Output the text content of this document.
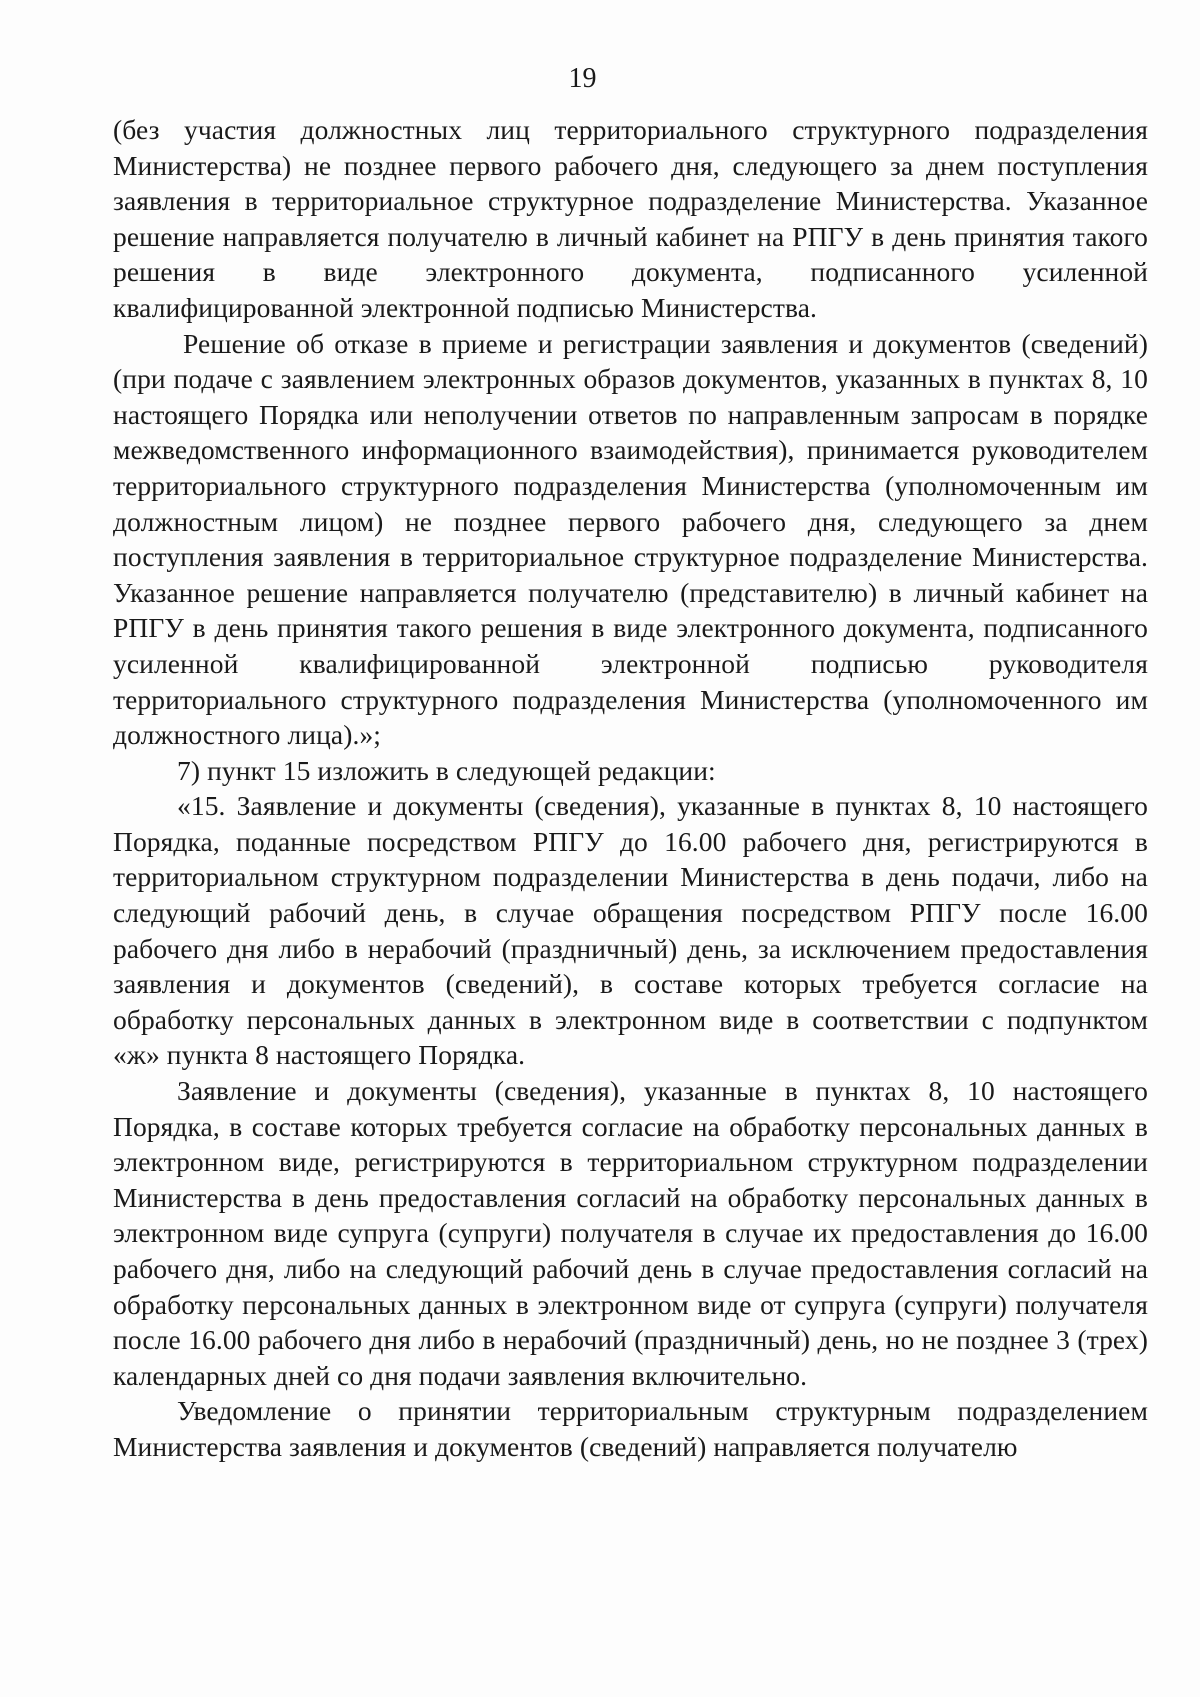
19

(без участия должностных лиц территориального структурного подразделения Министерства) не позднее первого рабочего дня, следующего за днем поступления заявления в территориальное структурное подразделение Министерства. Указанное решение направляется получателю в личный кабинет на РПГУ в день принятия такого решения в виде электронного документа, подписанного усиленной квалифицированной электронной подписью Министерства.

Решение об отказе в приеме и регистрации заявления и документов (сведений) (при подаче с заявлением электронных образов документов, указанных в пунктах 8, 10 настоящего Порядка или неполучении ответов по направленным запросам в порядке межведомственного информационного взаимодействия), принимается руководителем территориального структурного подразделения Министерства (уполномоченным им должностным лицом) не позднее первого рабочего дня, следующего за днем поступления заявления в территориальное структурное подразделение Министерства. Указанное решение направляется получателю (представителю) в личный кабинет на РПГУ в день принятия такого решения в виде электронного документа, подписанного усиленной квалифицированной электронной подписью руководителя территориального структурного подразделения Министерства (уполномоченного им должностного лица).»;

7) пункт 15 изложить в следующей редакции:

«15. Заявление и документы (сведения), указанные в пунктах 8, 10 настоящего Порядка, поданные посредством РПГУ до 16.00 рабочего дня, регистрируются в территориальном структурном подразделении Министерства в день подачи, либо на следующий рабочий день, в случае обращения посредством РПГУ после 16.00 рабочего дня либо в нерабочий (праздничный) день, за исключением предоставления заявления и документов (сведений), в составе которых требуется согласие на обработку персональных данных в электронном виде в соответствии с подпунктом «ж» пункта 8 настоящего Порядка.

Заявление и документы (сведения), указанные в пунктах 8, 10 настоящего Порядка, в составе которых требуется согласие на обработку персональных данных в электронном виде, регистрируются в территориальном структурном подразделении Министерства в день предоставления согласий на обработку персональных данных в электронном виде супруга (супруги) получателя в случае их предоставления до 16.00 рабочего дня, либо на следующий рабочий день в случае предоставления согласий на обработку персональных данных в электронном виде от супруга (супруги) получателя после 16.00 рабочего дня либо в нерабочий (праздничный) день, но не позднее 3 (трех) календарных дней со дня подачи заявления включительно.

Уведомление о принятии территориальным структурным подразделением Министерства заявления и документов (сведений) направляется получателю
